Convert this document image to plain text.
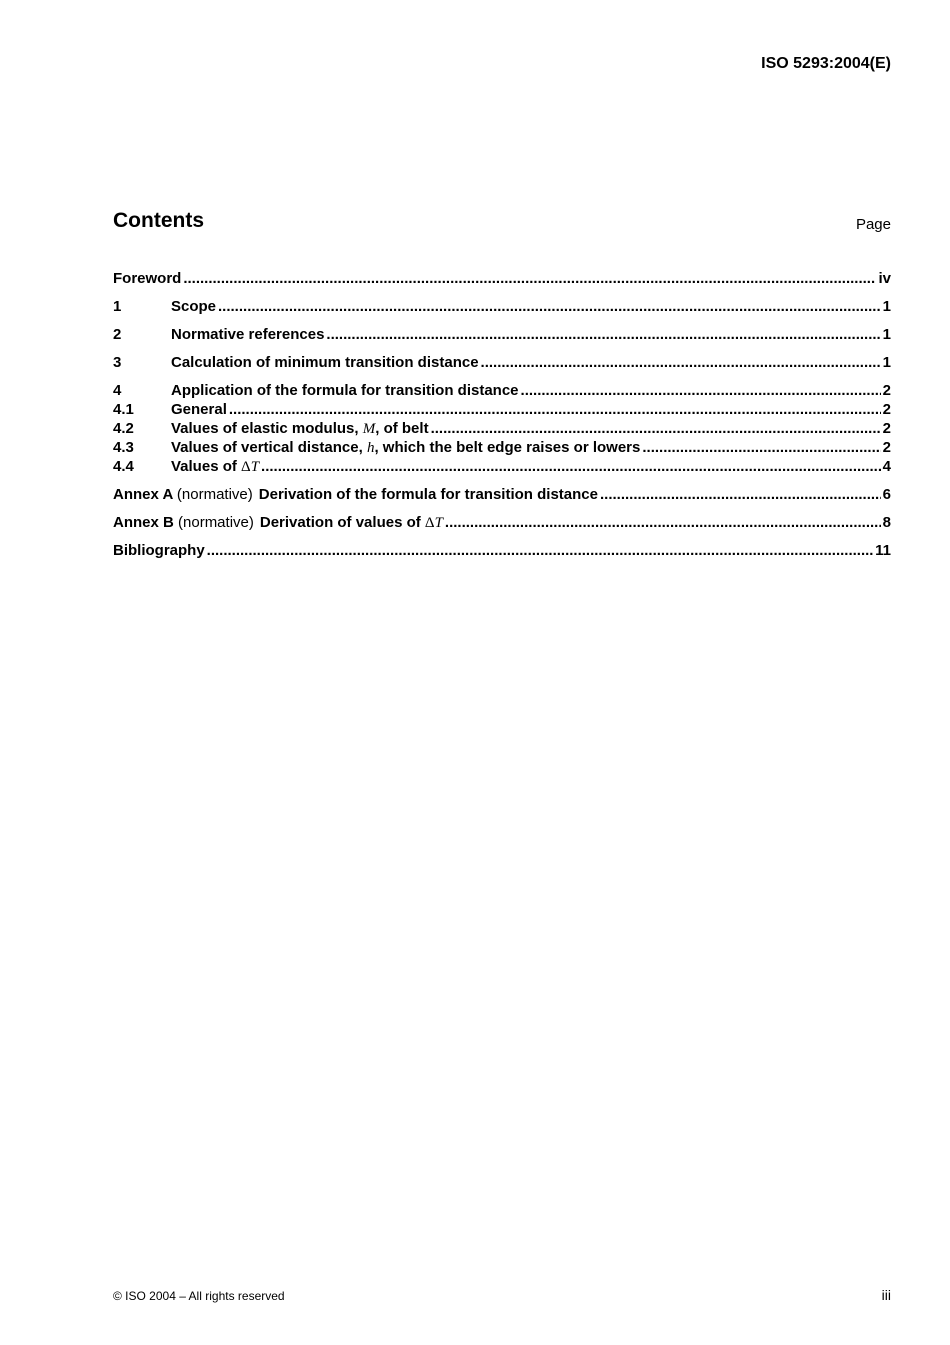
ISO 5293:2004(E)
Contents	Page
Foreword .....	iv
1	Scope .....	1
2	Normative references .....	1
3	Calculation of minimum transition distance .....	1
4	Application of the formula for transition distance .....	2
4.1	General .....	2
4.2	Values of elastic modulus, M, of belt .....	2
4.3	Values of vertical distance, h, which the belt edge raises or lowers .....	2
4.4	Values of ΔT .....	4
Annex A (normative) Derivation of the formula for transition distance .....	6
Annex B (normative) Derivation of values of ΔT .....	8
Bibliography .....	11
© ISO 2004 – All rights reserved	iii
